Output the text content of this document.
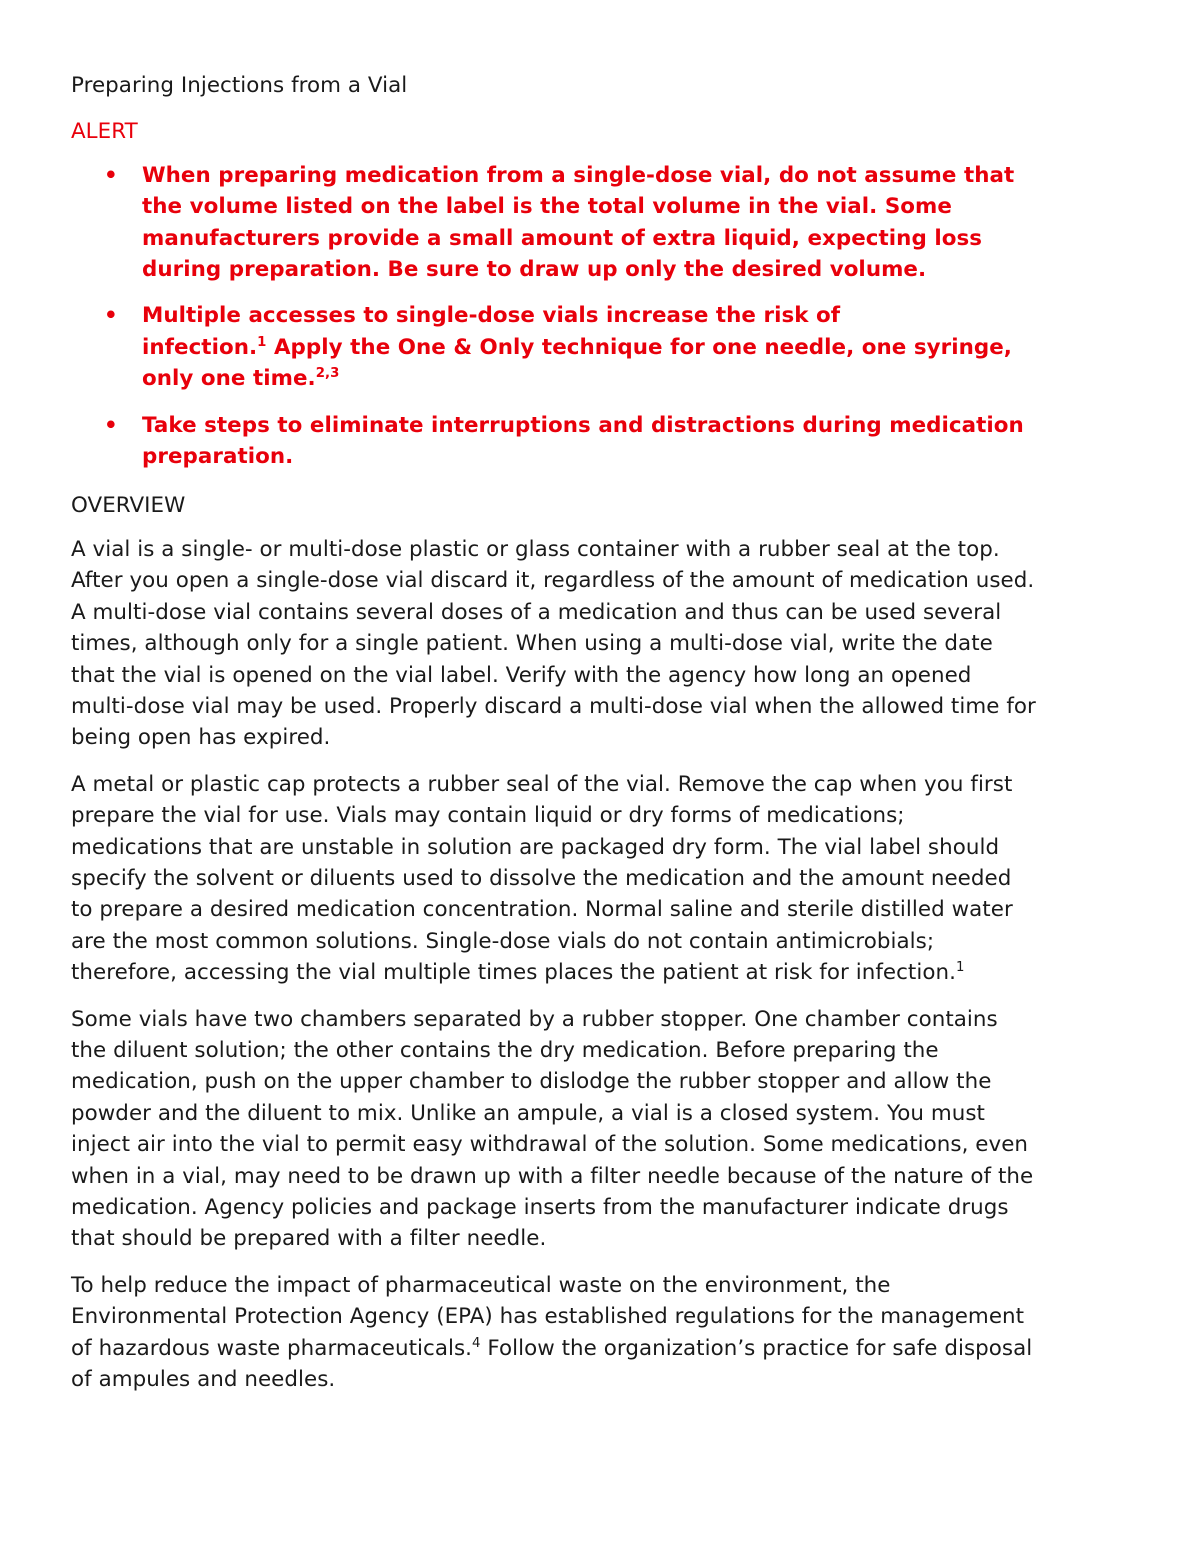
Preparing Injections from a Vial

ALERT

• When preparing medication from a single-dose vial, do not assume that

the volume listed on the label is the total volume in the vial. Some

manufacturers provide a small amount of extra liquid, expecting loss

during preparation. Be sure to draw up only the desired volume.

• Multiple accesses to single-dose vials increase the risk of

infection.$^1$ Apply the One & Only technique for one needle, one syringe,

only one time.$^{2,3}$

• Take steps to eliminate interruptions and distractions during medication

preparation.

OVERVIEW

A vial is a single- or multi-dose plastic or glass container with a rubber seal at the top.

After you open a single-dose vial discard it, regardless of the amount of medication used.

A multi-dose vial contains several doses of a medication and thus can be used several

times, although only for a single patient. When using a multi-dose vial, write the date

that the vial is opened on the vial label. Verify with the agency how long an opened

multi-dose vial may be used. Properly discard a multi-dose vial when the allowed time for

being open has expired.

A metal or plastic cap protects a rubber seal of the vial. Remove the cap when you first

prepare the vial for use. Vials may contain liquid or dry forms of medications;

medications that are unstable in solution are packaged dry form. The vial label should

specify the solvent or diluents used to dissolve the medication and the amount needed

to prepare a desired medication concentration. Normal saline and sterile distilled water

are the most common solutions. Single-dose vials do not contain antimicrobials;

therefore, accessing the vial multiple times places the patient at risk for infection.$^1$

Some vials have two chambers separated by a rubber stopper. One chamber contains

the diluent solution; the other contains the dry medication. Before preparing the

medication, push on the upper chamber to dislodge the rubber stopper and allow the

powder and the diluent to mix. Unlike an ampule, a vial is a closed system. You must

inject air into the vial to permit easy withdrawal of the solution. Some medications, even

when in a vial, may need to be drawn up with a filter needle because of the nature of the

medication. Agency policies and package inserts from the manufacturer indicate drugs

that should be prepared with a filter needle.

To help reduce the impact of pharmaceutical waste on the environment, the

Environmental Protection Agency (EPA) has established regulations for the management

of hazardous waste pharmaceuticals.$^4$ Follow the organization’s practice for safe disposal

of ampules and needles.
